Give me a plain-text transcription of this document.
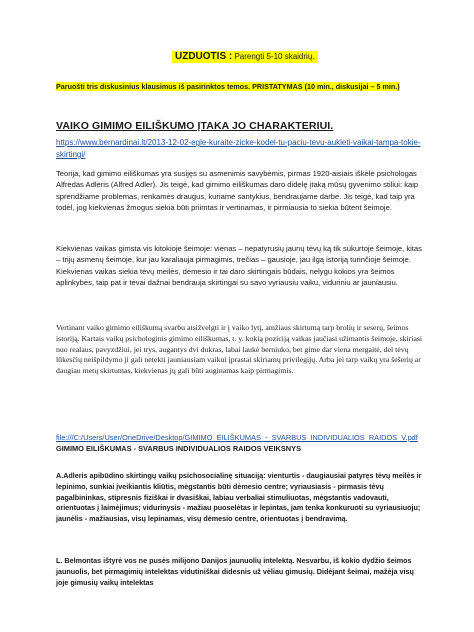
UZDUOTIS : Parengti 5-10 skaidrių.
Paruošti tris diskusinius klausimus iš pasirinktos temos. PRISTATYMAS (10 min., diskusijai – 5 min.)
VAIKO GIMIMO EILIŠKUMO ĮTAKA JO CHARAKTERIUI.
https://www.bernardinai.lt/2013-12-02-egle-kuraite-zicke-kodel-tu-paciu-tevu-aukleti-vaikai-tampa-tokie-skirtingi/
Teorija, kad gimimo eiliškumas yra susijęs su asmenimis savybėmis, pirmas 1920-aisiais iškėlė psichologas Alfredas Adleris (Alfred Adler). Jis teigė, kad gimimo eiliškumas daro didelę įtaką mūsų gyvenimo stiliui: kaip sprendžiame problemas, renkamės draugus, kuriame santykius, bendraujame darbe. Jis teigė, kad taip yra todėl, jog kiekvienas žmogus siekia būti priimtas ir vertinamas, ir pirmiausia to siekia būtent šeimoje.
Kiekvienas vaikas gimsta vis kitokioje šeimoje: vienas – nepatyrusių jaunų tėvų ką tik sukurtoje šeimoje, kitas – trijų asmenų šeimoje, kur jau karaliauja pirmagimis, trečias – gausioje, jau ilgą istoriją turinčioje šeimoje. Kiekvienas vaikas siekia tėvų meilės, dėmesio ir tai daro skirtingais būdais, nelygu kokios yra šeimos aplinkybės, taip pat ir tėvai dažnai bendrauja skirtingai su savo vyriausiu vaiku, viduriniu ar jauniausiu.
Vertinant vaiko gimimo eiliškumą svarbu atsižvelgti ir į vaiko lytį, amžiaus skirtumą tarp brolių ir seserų, šeimos istoriją. Kartais vaikų psichologinis gimimo eiliškumas, t. y. kokią poziciją vaikas jaučiasi užimantis šeimoje, skiriasi nuo realaus, pavyzdžiui, jei trys, augantys dvi dukras, labai laukė berniuko, bet gime dar viena mergaitė, del tėvų lūkesčių neišpildymo ji gali netekti jauniausiam vaikui įprastai skiriamų privilegijų. Arba jei tarp vaikų yra šešerių ar daugiau metų skirtumas, kiekvienas jų gali būti auginamas kaip pirmagimis.
file:///C:/Users/User/OneDrive/Desktop/GIMIMO_EILIŠKUMAS_-_SVARBUS_INDIVIDUALIOS_RAIDOS_V.pdf GIMIMO EILIŠKUMAS - SVARBUS INDIVIDUALIOS RAIDOS VEIKSNYS
A.Adleris apibūdino skirtingų vaikų psichosocialinę situaciją: vienturtis - daugiausiai patyręs tėvų meilės ir lepinimo, sunkiai įveikiantis kliūtis, mėgstantis būti dėmesio centre; vyriausiasis - pirmasis tėvų pagalbininkas, stipresnis fiziškai ir dvasiškai, labiau verbaliai stimuliuotas, mėgstantis vadovauti, orientuotas į laimėjimus; vidurinysis - mažiau puoselėtas ir lepintas, jam tenka konkuruoti su vyriausiuoju; jaunėlis - mažiausias, visų lepinamas, visų dėmesio centre, orientuotas į bendravimą.
L. Belmontas ištyrė vos ne pusės milijono Danijos jaunuolių intelektą. Nesvarbu, iš kokio dydžio šeimos jaunuolis, bet pirmagimių intelektas vidutiniškai didesnis už vėliau gimusių. Didėjant šeimai, mažėja visų joje gimusių vaikų intelektas
